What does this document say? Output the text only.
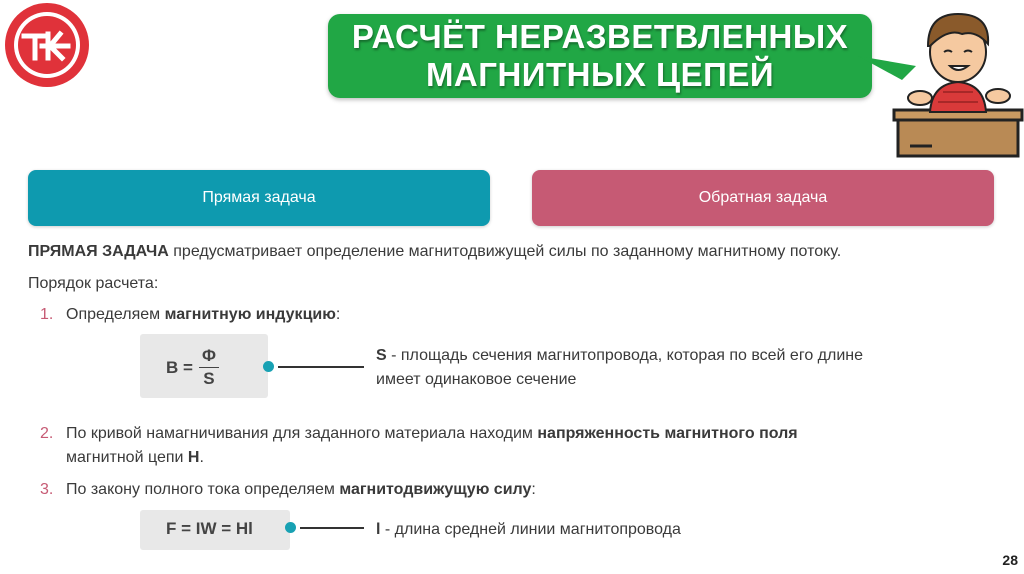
РАСЧЁТ НЕРАЗВЕТВЛЕННЫХ
МАГНИТНЫХ ЦЕПЕЙ
Прямая задача	Обратная задача
ПРЯМАЯ ЗАДАЧА предусматривает определение магнитодвижущей силы по заданному магнитному потоку.
Порядок расчета:
1. Определяем магнитную индукцию:
$B = \frac{\Phi}{S}$	S - площадь сечения магнитопровода, которая по всей его длине
имеет одинаковое сечение
2. По кривой намагничивания для заданного материала находим напряженность магнитного поля
магнитной цепи H.
3. По закону полного тока определяем магнитодвижущую силу:
F = IW = Hl	l - длина средней линии магнитопровода
28
